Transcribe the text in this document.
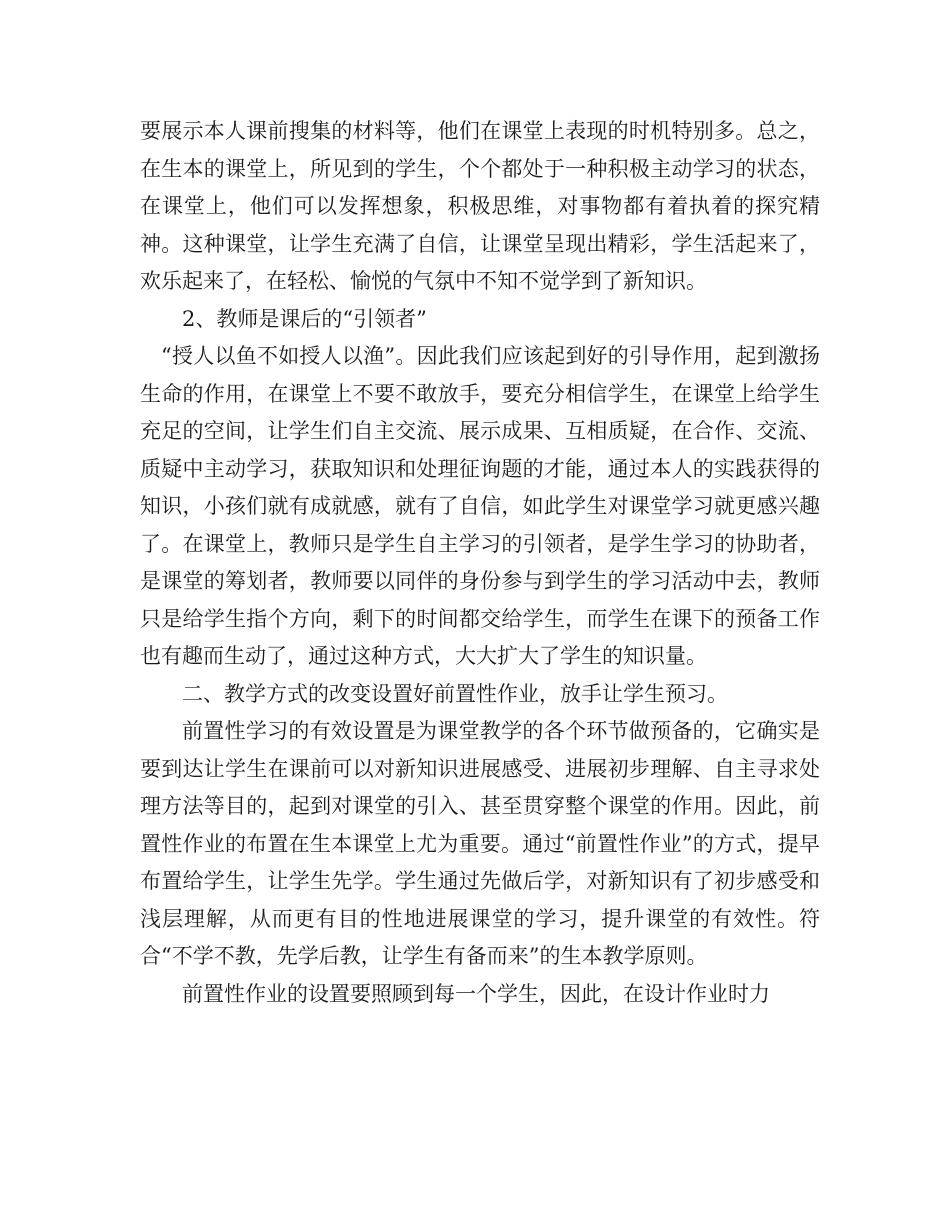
要展示本人课前搜集的材料等，他们在课堂上表现的时机特别多。总之，在生本的课堂上，所见到的学生，个个都处于一种积极主动学习的状态，在课堂上，他们可以发挥想象，积极思维，对事物都有着执着的探究精神。这种课堂，让学生充满了自信，让课堂呈现出精彩，学生活起来了，欢乐起来了，在轻松、愉悦的气氛中不知不觉学到了新知识。

2、教师是课后的“引领者”

“授人以鱼不如授人以渔”。因此我们应该起到好的引导作用，起到激扬生命的作用，在课堂上不要不敢放手，要充分相信学生，在课堂上给学生充足的空间，让学生们自主交流、展示成果、互相质疑，在合作、交流、质疑中主动学习，获取知识和处理征询题的才能，通过本人的实践获得的知识，小孩们就有成就感，就有了自信，如此学生对课堂学习就更感兴趣了。在课堂上，教师只是学生自主学习的引领者，是学生学习的协助者，是课堂的筹划者，教师要以同伴的身份参与到学生的学习活动中去，教师只是给学生指个方向，剩下的时间都交给学生，而学生在课下的预备工作也有趣而生动了，通过这种方式，大大扩大了学生的知识量。

二、教学方式的改变设置好前置性作业，放手让学生预习。

前置性学习的有效设置是为课堂教学的各个环节做预备的，它确实是要到达让学生在课前可以对新知识进展感受、进展初步理解、自主寻求处理方法等目的，起到对课堂的引入、甚至贯穿整个课堂的作用。因此，前置性作业的布置在生本课堂上尤为重要。通过“前置性作业”的方式，提早布置给学生，让学生先学。学生通过先做后学，对新知识有了初步感受和浅层理解，从而更有目的性地进展课堂的学习，提升课堂的有效性。符合“不学不教，先学后教，让学生有备而来”的生本教学原则。

前置性作业的设置要照顾到每一个学生，因此，在设计作业时力
